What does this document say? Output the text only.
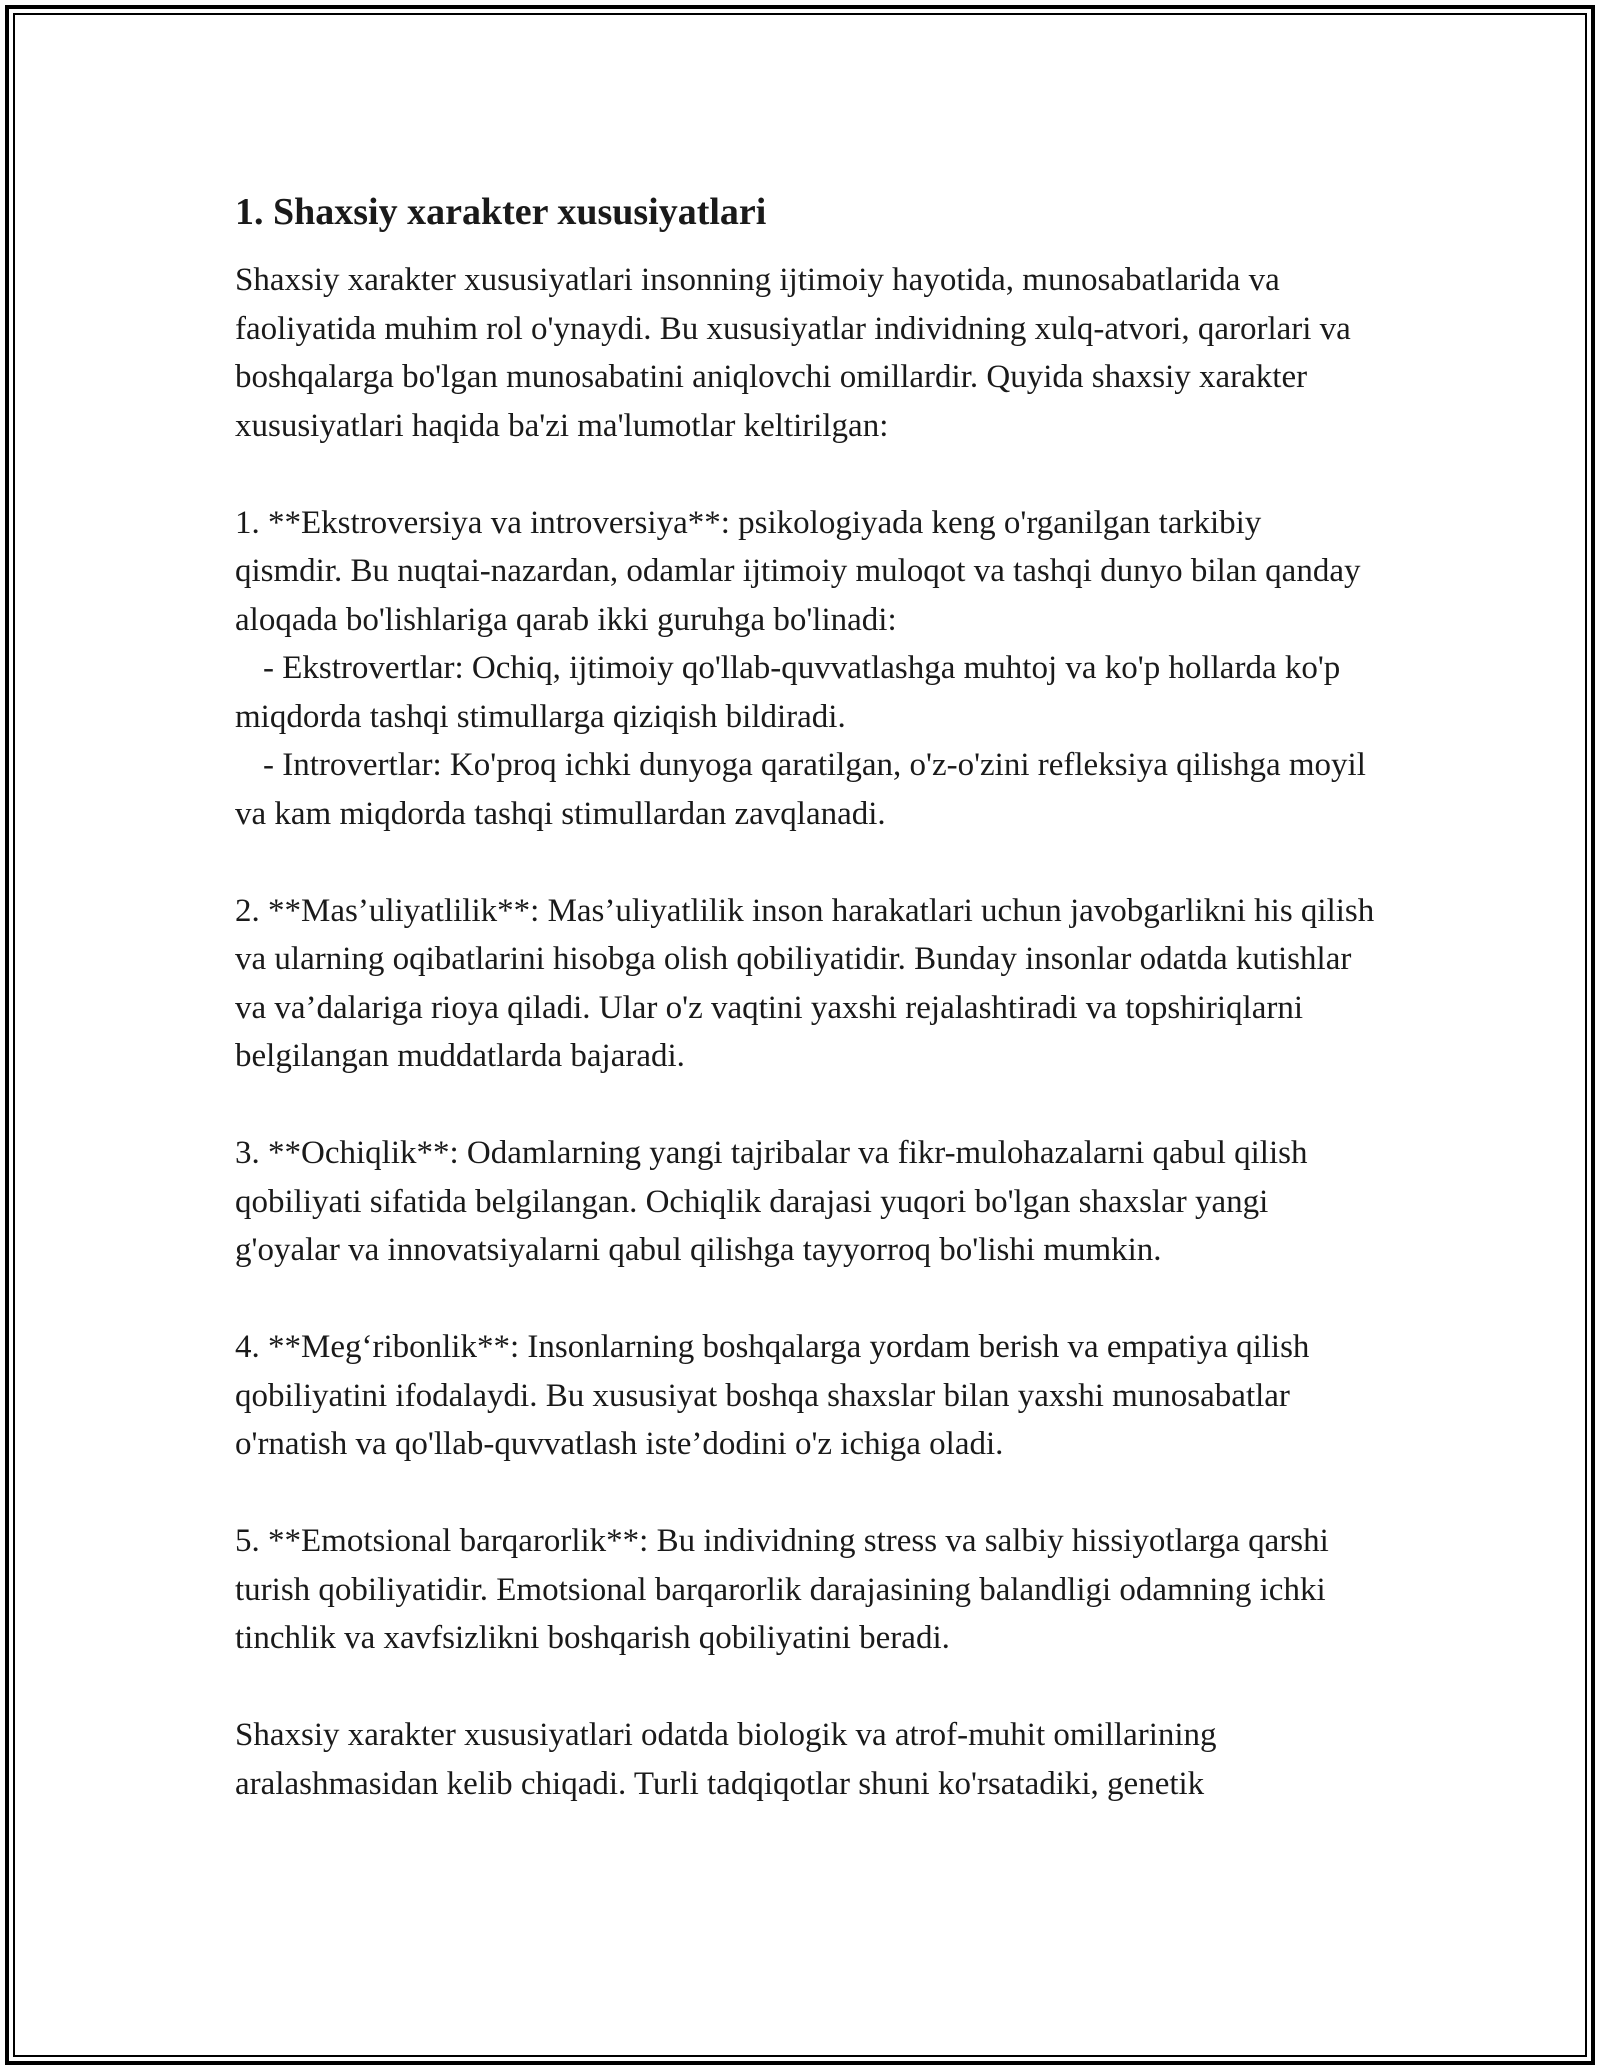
1. Shaxsiy xarakter xususiyatlari

Shaxsiy xarakter xususiyatlari insonning ijtimoiy hayotida, munosabatlarida va faoliyatida muhim rol o'ynaydi. Bu xususiyatlar individning xulq-atvori, qarorlari va boshqalarga bo'lgan munosabatini aniqlovchi omillardir. Quyida shaxsiy xarakter xususiyatlari haqida ba'zi ma'lumotlar keltirilgan:

1. **Ekstroversiya va introversiya**: psikologiyada keng o'rganilgan tarkibiy qismdir. Bu nuqtai-nazardan, odamlar ijtimoiy muloqot va tashqi dunyo bilan qanday aloqada bo'lishlariga qarab ikki guruhga bo'linadi:

- Ekstrovertlar: Ochiq, ijtimoiy qo'llab-quvvatlashga muhtoj va ko'p hollarda ko'p miqdorda tashqi stimullarga qiziqish bildiradi.

- Introvertlar: Ko'proq ichki dunyoga qaratilgan, o'z-o'zini refleksiya qilishga moyil va kam miqdorda tashqi stimullardan zavqlanadi.

2. **Mas’uliyatlilik**: Mas’uliyatlilik inson harakatlari uchun javobgarlikni his qilish va ularning oqibatlarini hisobga olish qobiliyatidir. Bunday insonlar odatda kutishlar va va’dalariga rioya qiladi. Ular o'z vaqtini yaxshi rejalashtiradi va topshiriqlarni belgilangan muddatlarda bajaradi.

3. **Ochiqlik**: Odamlarning yangi tajribalar va fikr-mulohazalarni qabul qilish qobiliyati sifatida belgilangan. Ochiqlik darajasi yuqori bo'lgan shaxslar yangi g'oyalar va innovatsiyalarni qabul qilishga tayyorroq bo'lishi mumkin.

4. **Meg‘ribonlik**: Insonlarning boshqalarga yordam berish va empatiya qilish qobiliyatini ifodalaydi. Bu xususiyat boshqa shaxslar bilan yaxshi munosabatlar o'rnatish va qo'llab-quvvatlash iste’dodini o'z ichiga oladi.

5. **Emotsional barqarorlik**: Bu individning stress va salbiy hissiyotlarga qarshi turish qobiliyatidir. Emotsional barqarorlik darajasining balandligi odamning ichki tinchlik va xavfsizlikni boshqarish qobiliyatini beradi.

Shaxsiy xarakter xususiyatlari odatda biologik va atrof-muhit omillarining aralashmasidan kelib chiqadi. Turli tadqiqotlar shuni ko'rsatadiki, genetik
